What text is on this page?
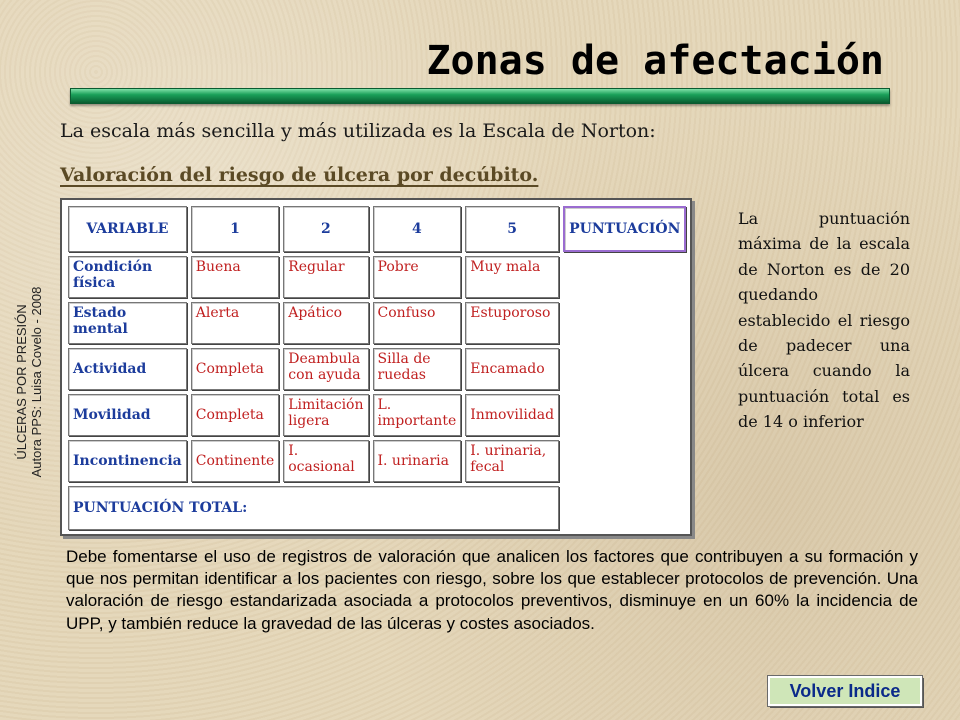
Zonas de afectación
ÚLCERAS POR PRESIÓN Autora PPS: Luisa Covelo - 2008
La escala más sencilla y más utilizada es la Escala de Norton:
Valoración del riesgo de úlcera por decúbito.
VARIABLE	1	2	4	5	PUNTUACIÓN
Condición física	Buena	Regular	Pobre	Muy mala	
Estado mental	Alerta	Apático	Confuso	Estuporoso	
Actividad	Completa	Deambula con ayuda	Silla de ruedas	Encamado	
Movilidad	Completa	Limitación ligera	L. importante	Inmovilidad	
Incontinencia	Continente	I. ocasional	I. urinaria	I. urinaria, fecal	
PUNTUACIÓN TOTAL:					
La puntuación máxima de la escala de Norton es de 20 quedando establecido el riesgo de padecer una úlcera cuando la puntuación total es de 14 o inferior
Debe fomentarse el uso de registros de valoración que analicen los factores que contribuyen a su formación y que nos permitan identificar a los pacientes con riesgo, sobre los que establecer protocolos de prevención. Una valoración de riesgo estandarizada asociada a protocolos preventivos, disminuye en un 60% la incidencia de UPP, y también reduce la gravedad de las úlceras y costes asociados.
Volver Indice
